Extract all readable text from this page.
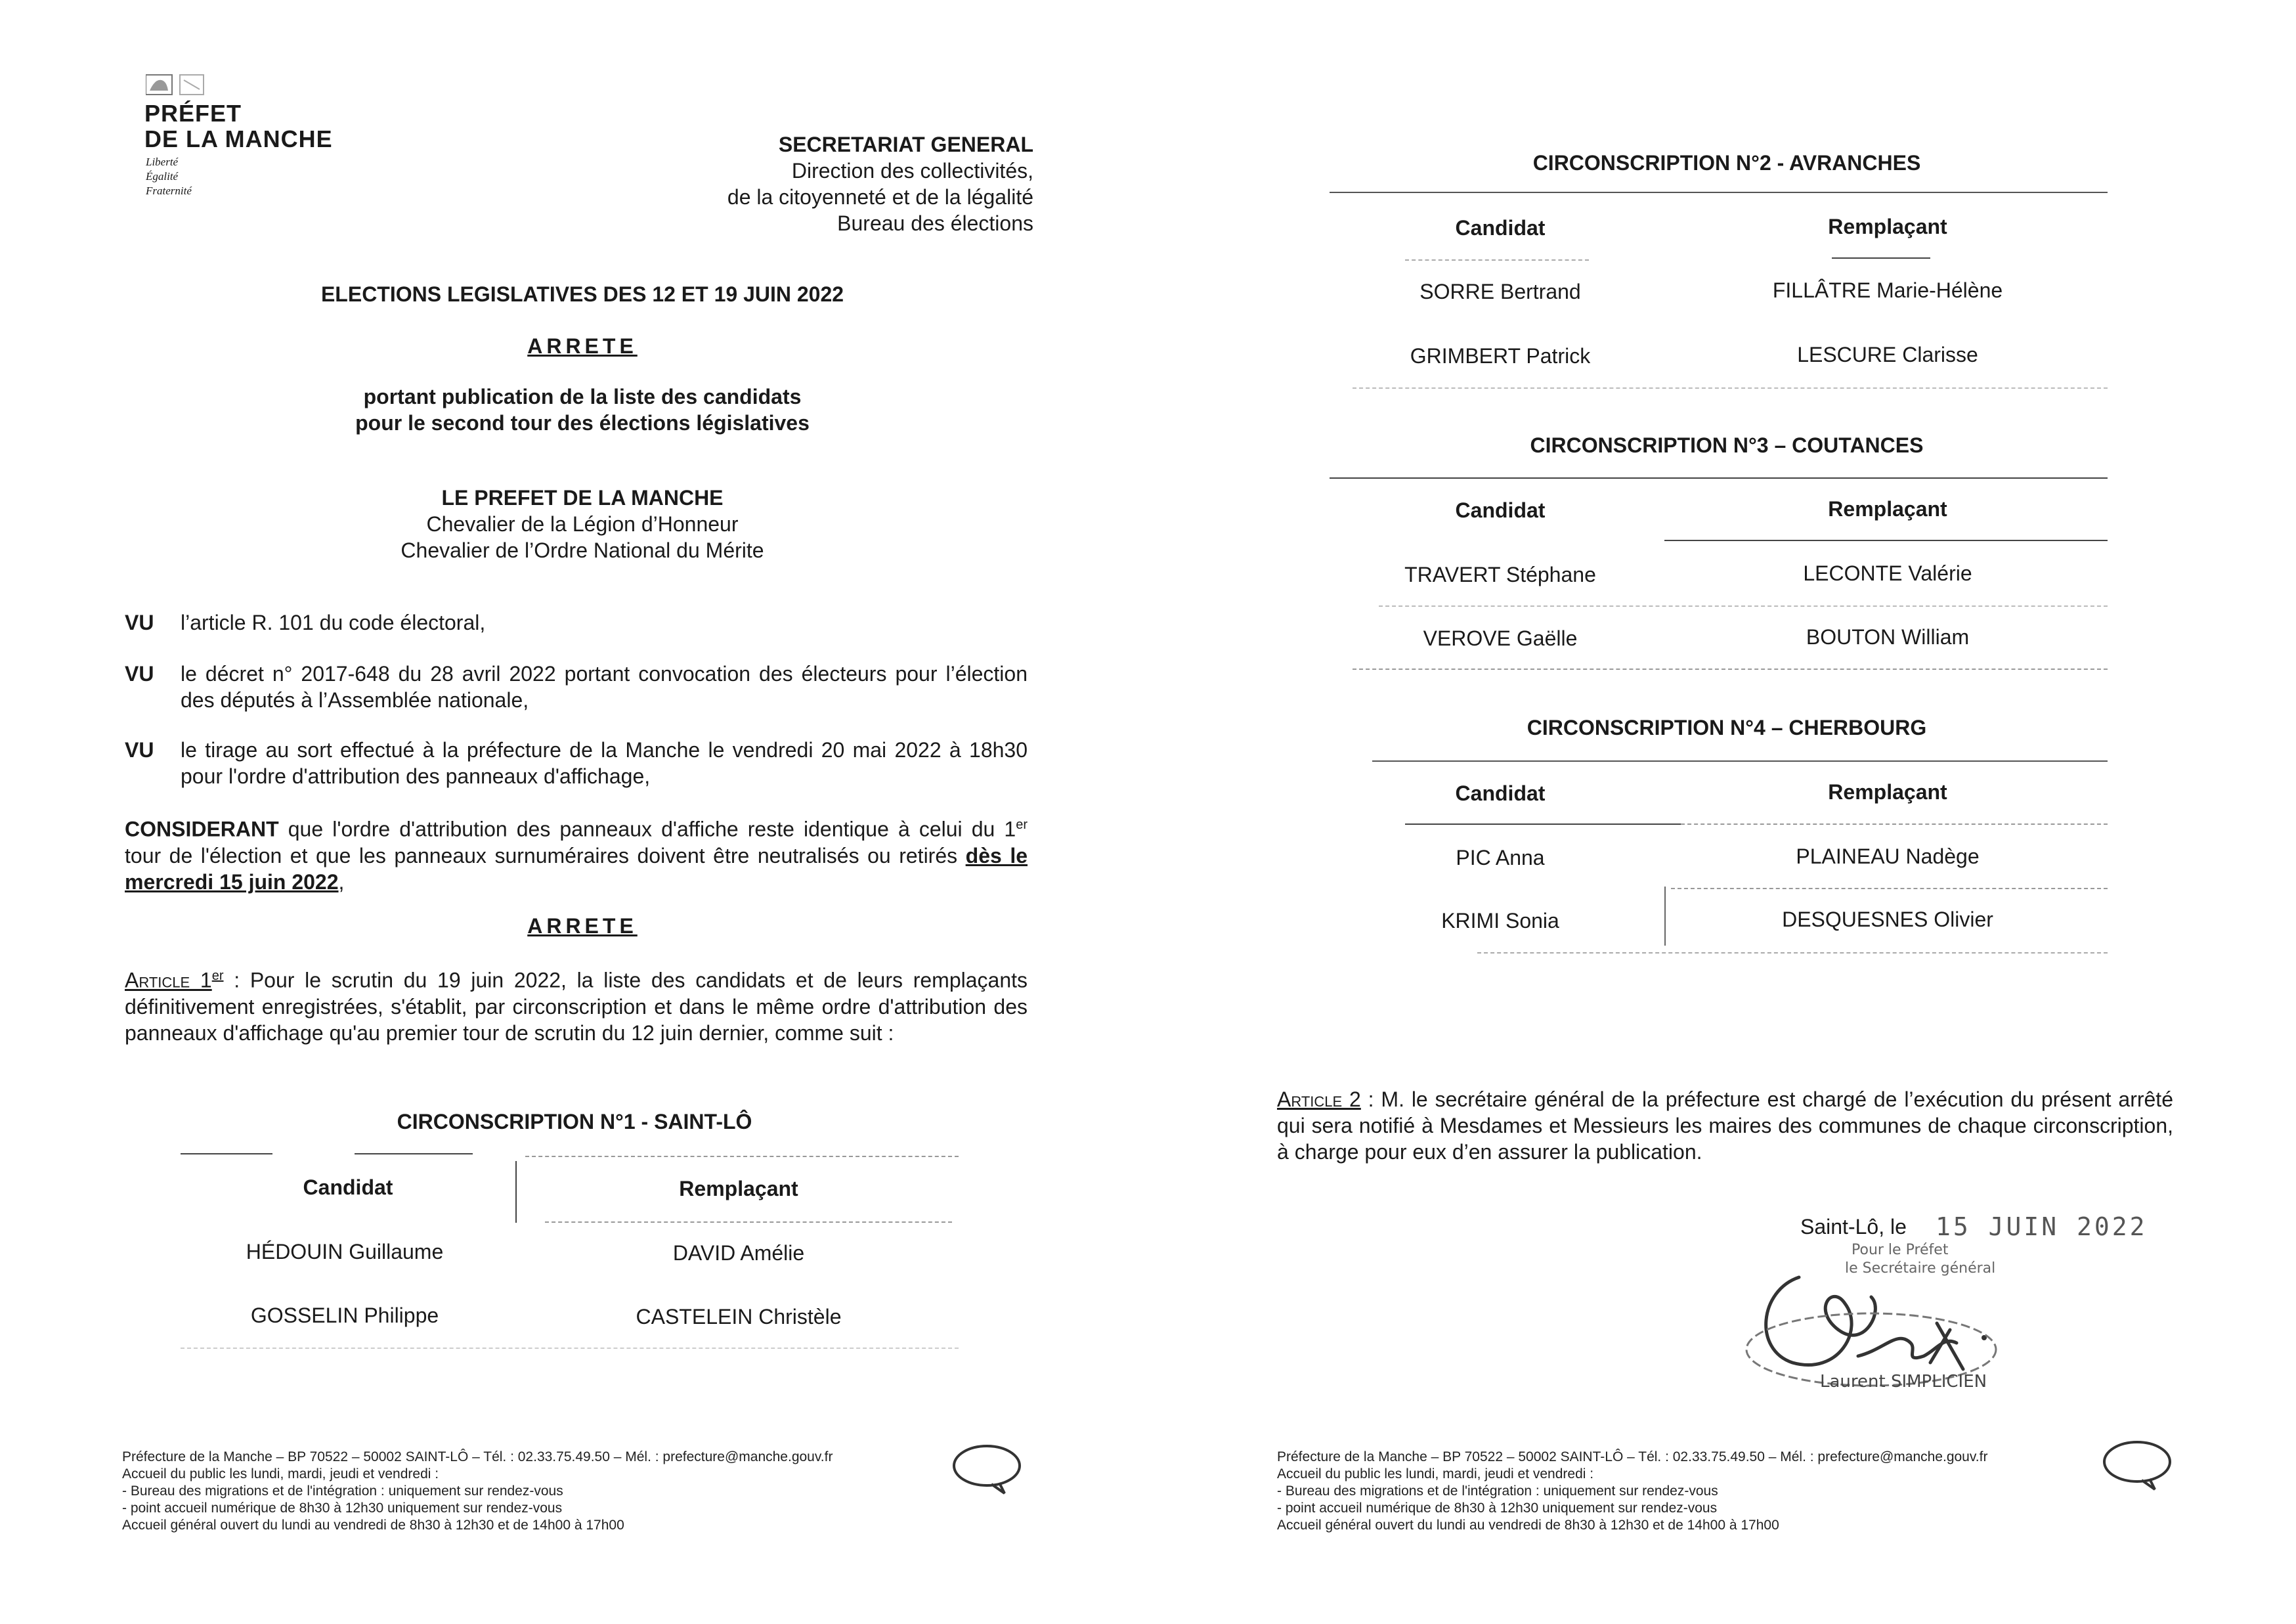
PRÉFET
DE LA MANCHE
Liberté
Égalité
Fraternité
SECRETARIAT GENERAL
Direction des collectivités,
de la citoyenneté et de la légalité
Bureau des élections
ELECTIONS LEGISLATIVES DES 12 ET 19 JUIN 2022
ARRETE
portant publication de la liste des candidats
pour le second tour des élections législatives
LE PREFET DE LA MANCHE
Chevalier de la Légion d’Honneur
Chevalier de l’Ordre National du Mérite
VU l’article R. 101 du code électoral,
VU le décret n° 2017-648 du 28 avril 2022 portant convocation des électeurs pour l’élection des députés à l’Assemblée nationale,
VU le tirage au sort effectué à la préfecture de la Manche le vendredi 20 mai 2022 à 18h30 pour l'ordre d'attribution des panneaux d'affichage,
CONSIDERANT que l'ordre d'attribution des panneaux d'affiche reste identique à celui du 1er tour de l'élection et que les panneaux surnuméraires doivent être neutralisés ou retirés dès le mercredi 15 juin 2022,
ARRETE
Article 1er : Pour le scrutin du 19 juin 2022, la liste des candidats et de leurs remplaçants définitivement enregistrées, s'établit, par circonscription et dans le même ordre d'attribution des panneaux d'affichage qu'au premier tour de scrutin du 12 juin dernier, comme suit :
CIRCONSCRIPTION N°1 - SAINT-LÔ
Candidat	Remplaçant
HÉDOUIN Guillaume	DAVID Amélie
GOSSELIN Philippe	CASTELEIN Christèle
Préfecture de la Manche – BP 70522 – 50002 SAINT-LÔ – Tél. : 02.33.75.49.50 – Mél. : prefecture@manche.gouv.fr
Accueil du public les lundi, mardi, jeudi et vendredi :
- Bureau des migrations et de l'intégration : uniquement sur rendez-vous
- point accueil numérique de 8h30 à 12h30 uniquement sur rendez-vous
Accueil général ouvert du lundi au vendredi de 8h30 à 12h30 et de 14h00 à 17h00
CIRCONSCRIPTION N°2 - AVRANCHES
Candidat	Remplaçant
SORRE Bertrand	FILLÂTRE Marie-Hélène
GRIMBERT Patrick	LESCURE Clarisse
CIRCONSCRIPTION N°3 – COUTANCES
Candidat	Remplaçant
TRAVERT Stéphane	LECONTE Valérie
VEROVE Gaëlle	BOUTON William
CIRCONSCRIPTION N°4 – CHERBOURG
Candidat	Remplaçant
PIC Anna	PLAINEAU Nadège
KRIMI Sonia	DESQUESNES Olivier
Article 2 : M. le secrétaire général de la préfecture est chargé de l’exécution du présent arrêté qui sera notifié à Mesdames et Messieurs les maires des communes de chaque circonscription, à charge pour eux d’en assurer la publication.
Saint-Lô, le 15 JUIN 2022
Pour le Préfet
le Secrétaire général
Laurent SIMPLICIEN
Préfecture de la Manche – BP 70522 – 50002 SAINT-LÔ – Tél. : 02.33.75.49.50 – Mél. : prefecture@manche.gouv.fr
Accueil du public les lundi, mardi, jeudi et vendredi :
- Bureau des migrations et de l'intégration : uniquement sur rendez-vous
- point accueil numérique de 8h30 à 12h30 uniquement sur rendez-vous
Accueil général ouvert du lundi au vendredi de 8h30 à 12h30 et de 14h00 à 17h00
